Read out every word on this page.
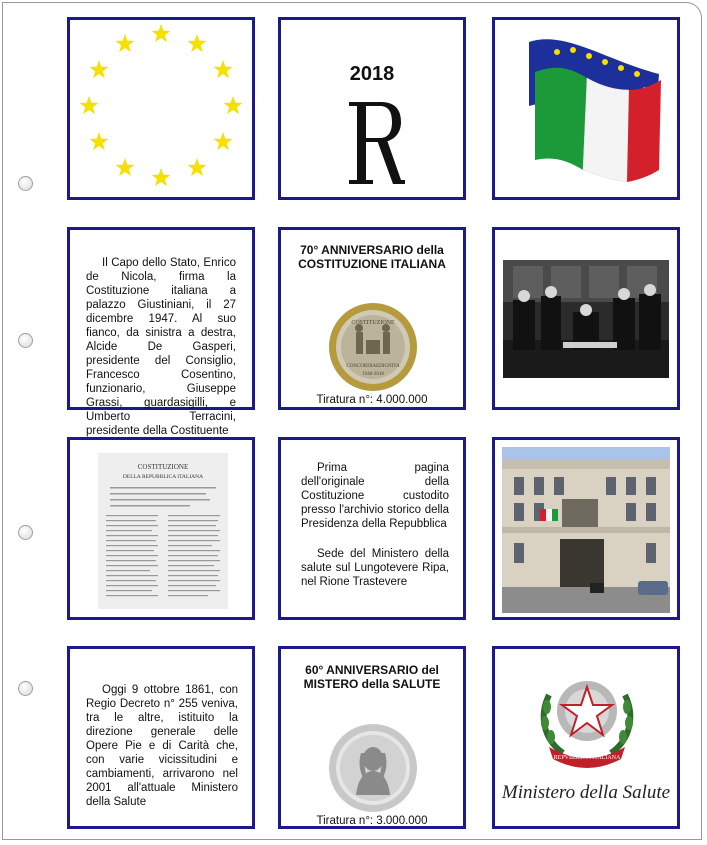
2018
Il Capo dello Stato, Enrico de Nicola, firma la Costituzione italiana a palazzo Giustiniani, il 27 dicembre 1947. Al suo fianco, da sinistra a destra, Alcide De Gasperi, presidente del Consiglio, Francesco Cosentino, funzionario, Giuseppe Grassi, guardasigilli, e Umberto Terracini, presidente della Costituente
70° ANNIVERSARIO della COSTITUZIONE ITALIANA
COSTITUZIONE
CONCORDIAEDIGNITA
1948-2018
Tiratura n°: 4.000.000
COSTITUZIONE
DELLA REPUBBLICA ITALIANA
Prima pagina dell'originale della Costituzione custodito presso l'archivio storico della Presidenza della Repubblica
Sede del Ministero della salute sul Lungotevere Ripa, nel Rione Trastevere
Oggi 9 ottobre 1861, con Regio Decreto n° 255 veniva, tra le altre, istituito la direzione generale delle Opere Pie e di Carità che, con varie vicissitudini e cambiamenti, arrivarono nel 2001 all'attuale Ministero della Salute
60° ANNIVERSARIO del MISTERO della SALUTE
Tiratura n°: 3.000.000
REPVBBLICA ITALIANA
Ministero della Salute
